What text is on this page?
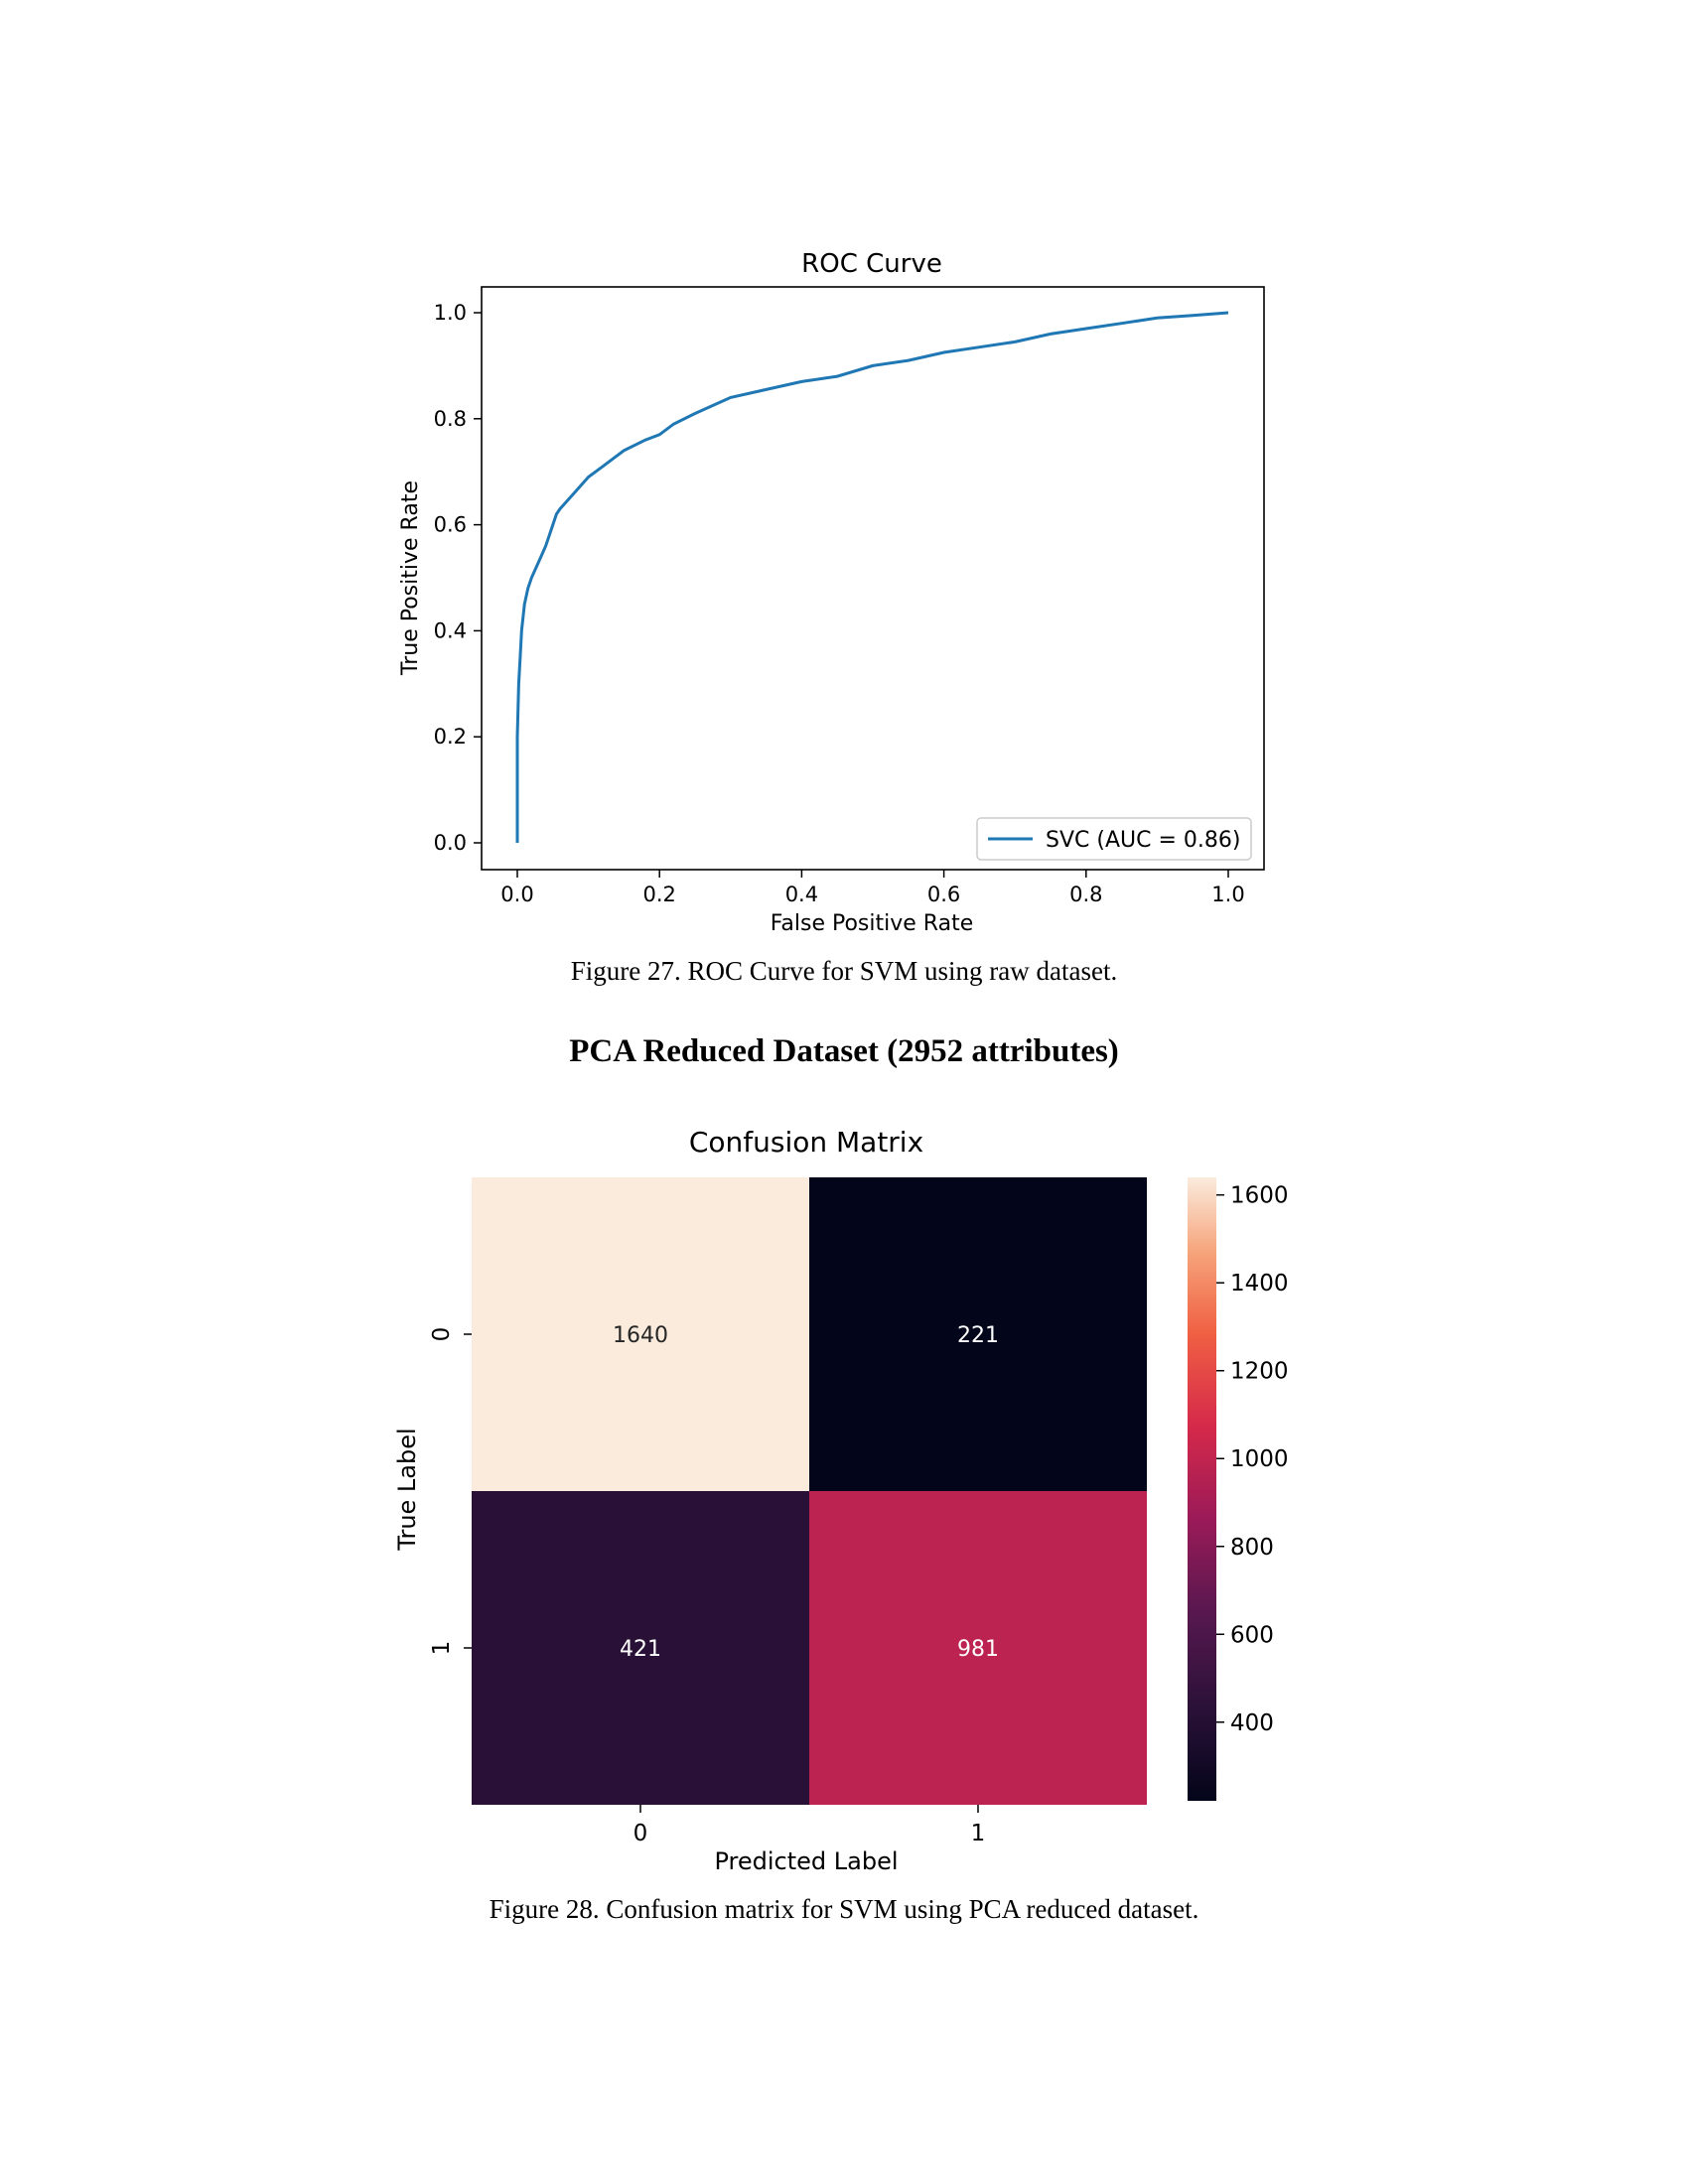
ROC Curve
0.0	0.2	0.4	0.6	0.8	1.0
0.0
0.2
0.4
0.6
0.8
1.0
False Positive Rate
True Positive Rate
SVC (AUC = 0.86)
Figure 27. ROC Curve for SVM using raw dataset.
PCA Reduced Dataset (2952 attributes)
Confusion Matrix
1640	221
421	981
0	1
0
1
Predicted Label
True Label
400
600
800
1000
1200
1400
1600
Figure 28. Confusion matrix for SVM using PCA reduced dataset.
